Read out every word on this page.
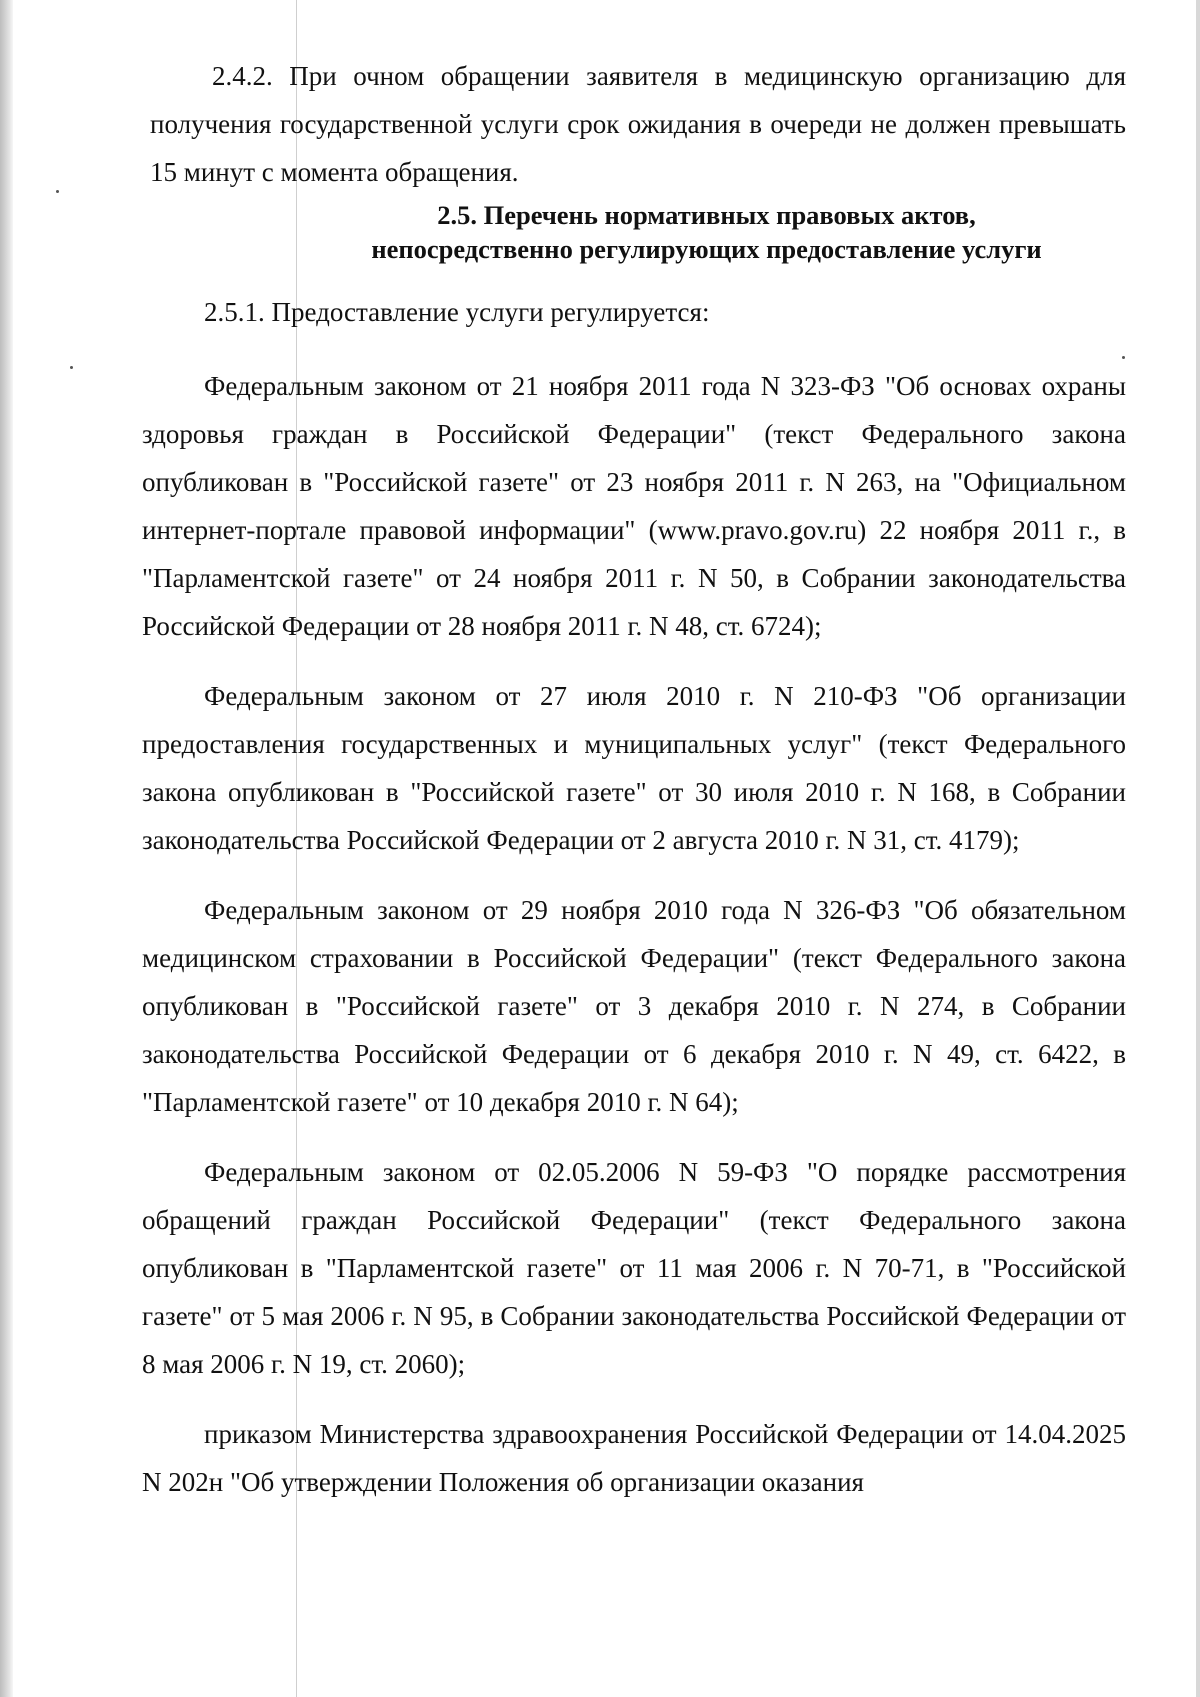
2.4.2. При очном обращении заявителя в медицинскую организацию для получения государственной услуги срок ожидания в очереди не должен превышать 15 минут с момента обращения.

2.5. Перечень нормативных правовых актов,
непосредственно регулирующих предоставление услуги

2.5.1. Предоставление услуги регулируется:

Федеральным законом от 21 ноября 2011 года N 323-ФЗ "Об основах охраны здоровья граждан в Российской Федерации" (текст Федерального закона опубликован в "Российской газете" от 23 ноября 2011 г. N 263, на "Официальном интернет-портале правовой информации" (www.pravo.gov.ru) 22 ноября 2011 г., в "Парламентской газете" от 24 ноября 2011 г. N 50, в Собрании законодательства Российской Федерации от 28 ноября 2011 г. N 48, ст. 6724);

Федеральным законом от 27 июля 2010 г. N 210-ФЗ "Об организации предоставления государственных и муниципальных услуг" (текст Федерального закона опубликован в "Российской газете" от 30 июля 2010 г. N 168, в Собрании законодательства Российской Федерации от 2 августа 2010 г. N 31, ст. 4179);

Федеральным законом от 29 ноября 2010 года N 326-ФЗ "Об обязательном медицинском страховании в Российской Федерации" (текст Федерального закона опубликован в "Российской газете" от 3 декабря 2010 г. N 274, в Собрании законодательства Российской Федерации от 6 декабря 2010 г. N 49, ст. 6422, в "Парламентской газете" от 10 декабря 2010 г. N 64);

Федеральным законом от 02.05.2006 N 59-ФЗ "О порядке рассмотрения обращений граждан Российской Федерации" (текст Федерального закона опубликован в "Парламентской газете" от 11 мая 2006 г. N 70-71, в "Российской газете" от 5 мая 2006 г. N 95, в Собрании законодательства Российской Федерации от 8 мая 2006 г. N 19, ст. 2060);

приказом Министерства здравоохранения Российской Федерации от 14.04.2025 N 202н "Об утверждении Положения об организации оказания
